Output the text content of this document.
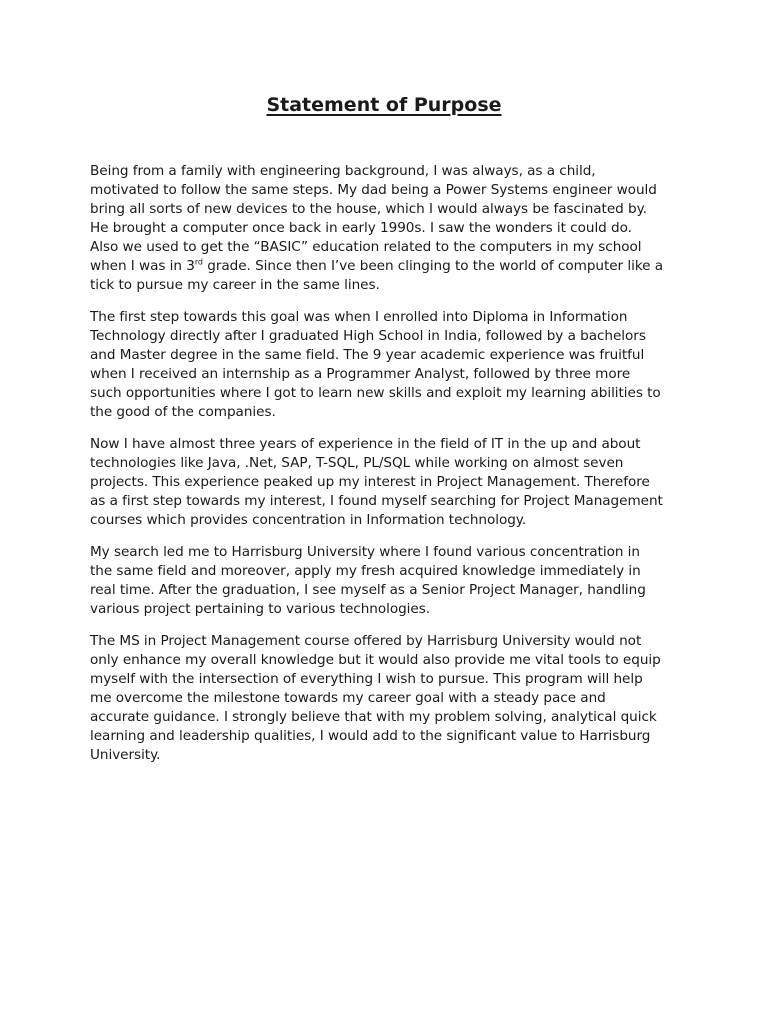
Statement of Purpose

Being from a family with engineering background, I was always, as a child,
motivated to follow the same steps. My dad being a Power Systems engineer would
bring all sorts of new devices to the house, which I would always be fascinated by.
He brought a computer once back in early 1990s. I saw the wonders it could do.
Also we used to get the “BASIC” education related to the computers in my school
when I was in 3rd grade. Since then I’ve been clinging to the world of computer like a
tick to pursue my career in the same lines.

The first step towards this goal was when I enrolled into Diploma in Information
Technology directly after I graduated High School in India, followed by a bachelors
and Master degree in the same field. The 9 year academic experience was fruitful
when I received an internship as a Programmer Analyst, followed by three more
such opportunities where I got to learn new skills and exploit my learning abilities to
the good of the companies.

Now I have almost three years of experience in the field of IT in the up and about
technologies like Java, .Net, SAP, T-SQL, PL/SQL while working on almost seven
projects. This experience peaked up my interest in Project Management. Therefore
as a first step towards my interest, I found myself searching for Project Management
courses which provides concentration in Information technology.

My search led me to Harrisburg University where I found various concentration in
the same field and moreover, apply my fresh acquired knowledge immediately in
real time. After the graduation, I see myself as a Senior Project Manager, handling
various project pertaining to various technologies.

The MS in Project Management course offered by Harrisburg University would not
only enhance my overall knowledge but it would also provide me vital tools to equip
myself with the intersection of everything I wish to pursue. This program will help
me overcome the milestone towards my career goal with a steady pace and
accurate guidance. I strongly believe that with my problem solving, analytical quick
learning and leadership qualities, I would add to the significant value to Harrisburg
University.
